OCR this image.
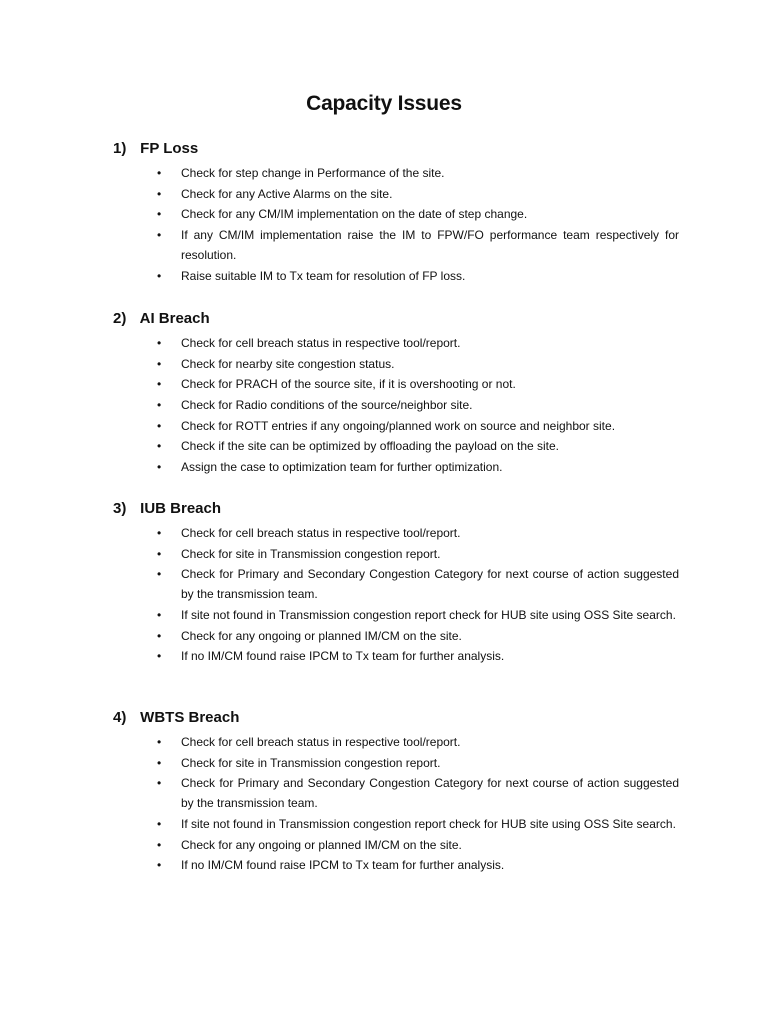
Capacity Issues
1) FP Loss
• Check for step change in Performance of the site.
• Check for any Active Alarms on the site.
• Check for any CM/IM implementation on the date of step change.
• If any CM/IM implementation raise the IM to FPW/FO performance team respectively for resolution.
• Raise suitable IM to Tx team for resolution of FP loss.
2) AI Breach
• Check for cell breach status in respective tool/report.
• Check for nearby site congestion status.
• Check for PRACH of the source site, if it is overshooting or not.
• Check for Radio conditions of the source/neighbor site.
• Check for ROTT entries if any ongoing/planned work on source and neighbor site.
• Check if the site can be optimized by offloading the payload on the site.
• Assign the case to optimization team for further optimization.
3) IUB Breach
• Check for cell breach status in respective tool/report.
• Check for site in Transmission congestion report.
• Check for Primary and Secondary Congestion Category for next course of action suggested by the transmission team.
• If site not found in Transmission congestion report check for HUB site using OSS Site search.
• Check for any ongoing or planned IM/CM on the site.
• If no IM/CM found raise IPCM to Tx team for further analysis.
4) WBTS Breach
• Check for cell breach status in respective tool/report.
• Check for site in Transmission congestion report.
• Check for Primary and Secondary Congestion Category for next course of action suggested by the transmission team.
• If site not found in Transmission congestion report check for HUB site using OSS Site search.
• Check for any ongoing or planned IM/CM on the site.
• If no IM/CM found raise IPCM to Tx team for further analysis.
